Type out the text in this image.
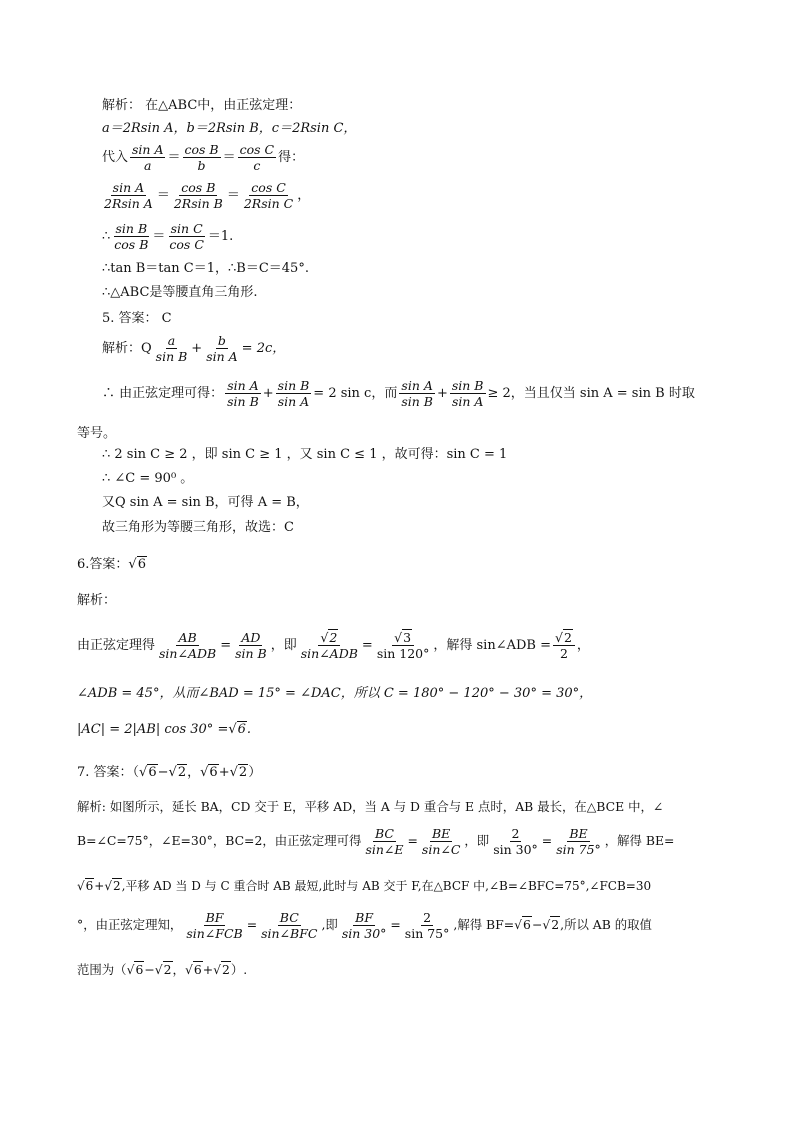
解析： 在△ABC中，由正弦定理：
a＝2Rsin A，b＝2Rsin B，c＝2Rsin C，
代入 $\frac{\text{sin A}}{a} = \frac{\text{cos B}}{b} = \frac{\text{cos C}}{c}$ 得：
$\frac{\text{sin A}}{\text{2Rsin A}} = \frac{\text{cos B}}{\text{2Rsin B}} = \frac{\text{cos C}}{\text{2Rsin C}}$ ，
∴ $\frac{\text{sin B}}{\text{cos B}} = \frac{\text{sin C}}{\text{cos C}} =1$.
∴tan B＝tan C＝1，∴B＝C＝45°.
∴△ABC是等腰直角三角形.
5. 答案： C
解析：Q $\frac{a}{\text{sin B}} + \frac{b}{\text{sin A}} = 2c$，
∴ 由正弦定理可得： $\frac{\text{sin A}}{\text{sin B}} + \frac{\text{sin B}}{\text{sin A}} = 2$ sin c，而 $\frac{\text{sin A}}{\text{sin B}} + \frac{\text{sin B}}{\text{sin A}} \ge 2$，当且仅当 sin A = sin B 时取
等号。
∴ 2 sin C ≥ 2 ，即 sin C ≥ 1 ，又 sin C ≤ 1 ，故可得：sin C = 1
∴ ∠C = 90⁰ 。
又Q sin A = sin B，可得 A = B，
故三角形为等腰三角形，故选：C
6.答案：√6
解析：
由正弦定理得 $\frac{AB}{\text{sin∠ADB}} = \frac{AD}{\text{sin B}}$ ，即 $\frac{√2}{\text{sin∠ADB}} = \frac{√3}{\sin 120^\circ}$ ，解得 sin∠ADB = $\frac{√2}{2}$ ，
∠ADB = 45°，从而∠BAD = 15° = ∠DAC，所以 C = 180° − 120° − 30° = 30°，
|AC| = 2|AB| cos 30° =√6.
7. 答案：（√6−√2，√6+√2）
解析: 如图所示，延长 BA，CD 交于 E，平移 AD，当 A 与 D 重合与 E 点时，AB 最长，在△BCE 中，∠
B=∠C=75°，∠E=30°，BC=2，由正弦定理可得 $\frac{BC}{\sin\angle E} = \frac{BE}{\sin\angle C}$ ，即 $\frac{2}{\sin 30^\circ} = \frac{BE}{\sin 75^\circ}$ ，解得 BE=
√6+√2,平移 AD 当 D 与 C 重合时 AB 最短,此时与 AB 交于 F,在△BCF 中,∠B=∠BFC=75°,∠FCB=30
°，由正弦定理知， $\frac{BF}{\text{sin∠FCB}} = \frac{BC}{\text{sin∠BFC}}$ ,即 $\frac{BF}{\sin 30^\circ} = \frac{2}{\sin 75^\circ}$ ,解得 BF=√6−√2,所以 AB 的取值
范围为（√6−√2，√6+√2）.
